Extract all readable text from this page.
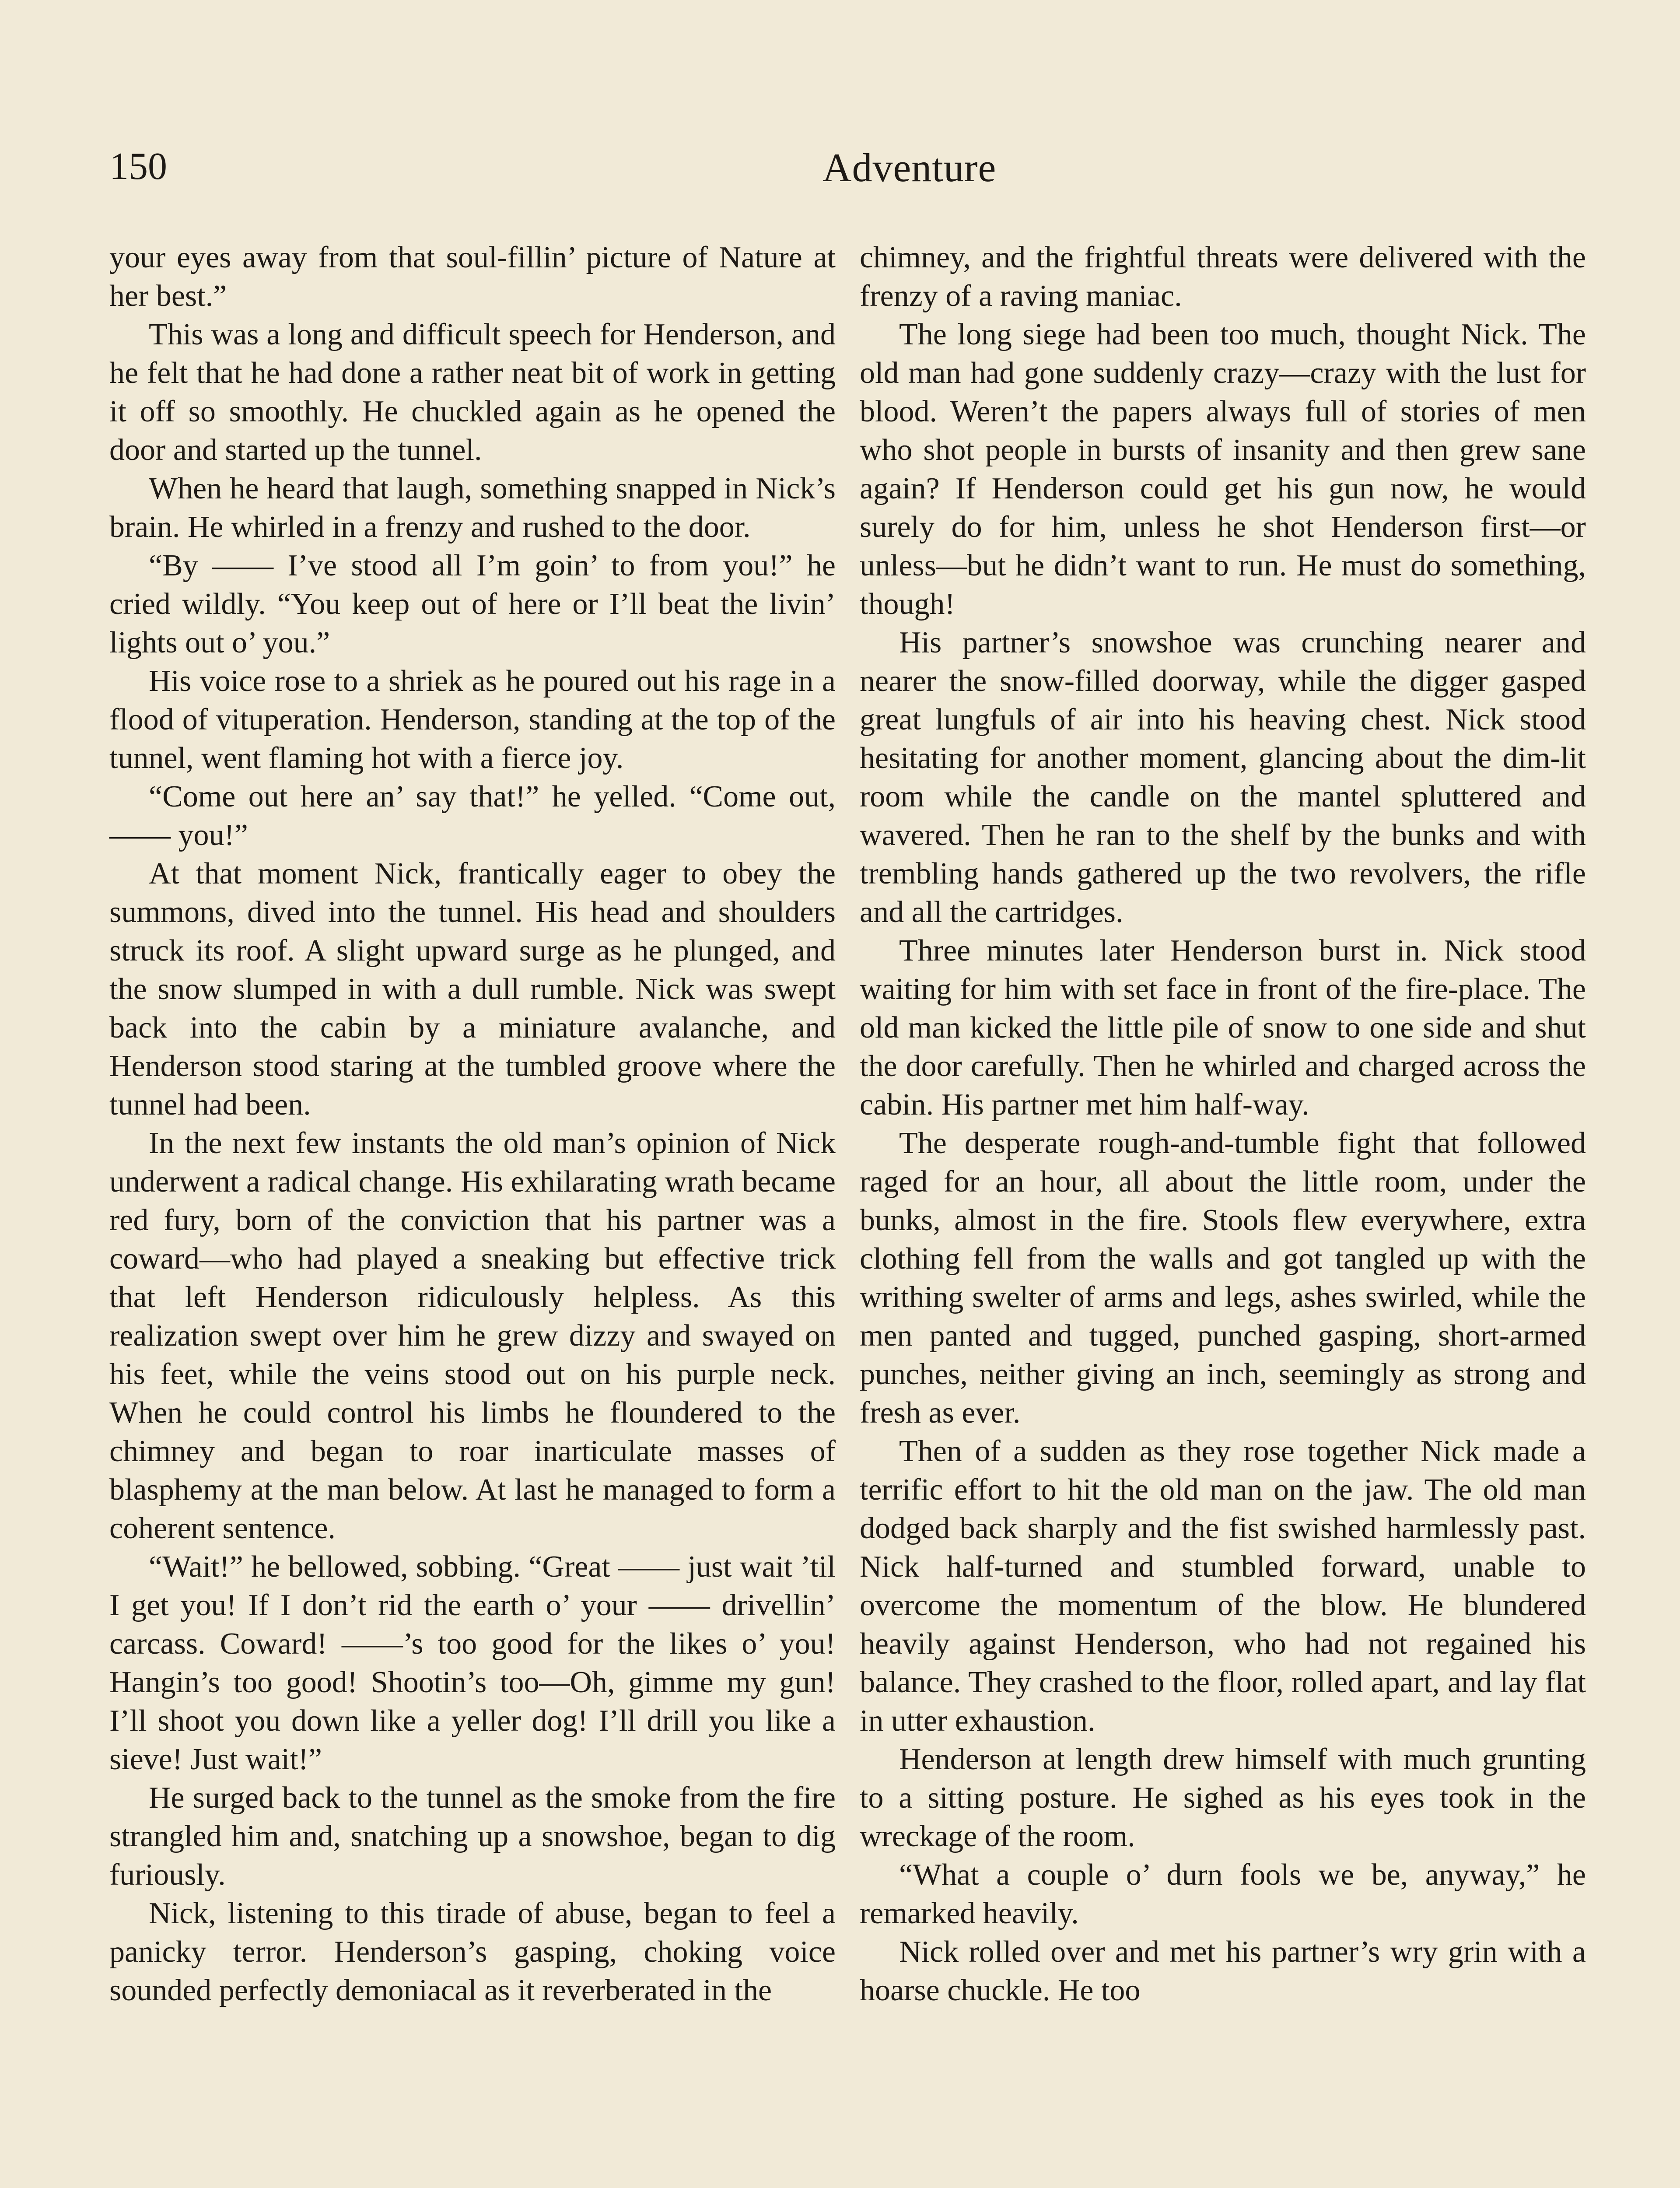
150	Adventure

your eyes away from that soul-fillin’ picture of Nature at her best.”

This was a long and difficult speech for Henderson, and he felt that he had done a rather neat bit of work in getting it off so smoothly. He chuckled again as he opened the door and started up the tunnel.

When he heard that laugh, something snapped in Nick’s brain. He whirled in a frenzy and rushed to the door.

“By —— I’ve stood all I’m goin’ to from you!” he cried wildly. “You keep out of here or I’ll beat the livin’ lights out o’ you.”

His voice rose to a shriek as he poured out his rage in a flood of vituperation. Henderson, standing at the top of the tunnel, went flaming hot with a fierce joy.

“Come out here an’ say that!” he yelled. “Come out, —— you!”

At that moment Nick, frantically eager to obey the summons, dived into the tunnel. His head and shoulders struck its roof. A slight upward surge as he plunged, and the snow slumped in with a dull rumble. Nick was swept back into the cabin by a miniature avalanche, and Henderson stood staring at the tumbled groove where the tunnel had been.

In the next few instants the old man’s opinion of Nick underwent a radical change. His exhilarating wrath became red fury, born of the conviction that his partner was a coward—who had played a sneaking but effective trick that left Henderson ridiculously helpless. As this realization swept over him he grew dizzy and swayed on his feet, while the veins stood out on his purple neck. When he could control his limbs he floundered to the chimney and began to roar inarticulate masses of blasphemy at the man below. At last he managed to form a coherent sentence.

“Wait!” he bellowed, sobbing. “Great —— just wait ’til I get you! If I don’t rid the earth o’ your —— drivellin’ carcass. Coward! ——’s too good for the likes o’ you! Hangin’s too good! Shootin’s too—Oh, gimme my gun! I’ll shoot you down like a yeller dog! I’ll drill you like a sieve! Just wait!”

He surged back to the tunnel as the smoke from the fire strangled him and, snatching up a snowshoe, began to dig furiously.

Nick, listening to this tirade of abuse, began to feel a panicky terror. Henderson’s gasping, choking voice sounded perfectly demoniacal as it reverberated in the

chimney, and the frightful threats were delivered with the frenzy of a raving maniac.

The long siege had been too much, thought Nick. The old man had gone suddenly crazy—crazy with the lust for blood. Weren’t the papers always full of stories of men who shot people in bursts of insanity and then grew sane again? If Henderson could get his gun now, he would surely do for him, unless he shot Henderson first—or unless—but he didn’t want to run. He must do something, though!

His partner’s snowshoe was crunching nearer and nearer the snow-filled doorway, while the digger gasped great lungfuls of air into his heaving chest. Nick stood hesitating for another moment, glancing about the dim-lit room while the candle on the mantel spluttered and wavered. Then he ran to the shelf by the bunks and with trembling hands gathered up the two revolvers, the rifle and all the cartridges.

Three minutes later Henderson burst in. Nick stood waiting for him with set face in front of the fire-place. The old man kicked the little pile of snow to one side and shut the door carefully. Then he whirled and charged across the cabin. His partner met him half-way.

The desperate rough-and-tumble fight that followed raged for an hour, all about the little room, under the bunks, almost in the fire. Stools flew everywhere, extra clothing fell from the walls and got tangled up with the writhing swelter of arms and legs, ashes swirled, while the men panted and tugged, punched gasping, short-armed punches, neither giving an inch, seemingly as strong and fresh as ever.

Then of a sudden as they rose together Nick made a terrific effort to hit the old man on the jaw. The old man dodged back sharply and the fist swished harmlessly past. Nick half-turned and stumbled forward, unable to overcome the momentum of the blow. He blundered heavily against Henderson, who had not regained his balance. They crashed to the floor, rolled apart, and lay flat in utter exhaustion.

Henderson at length drew himself with much grunting to a sitting posture. He sighed as his eyes took in the wreckage of the room.

“What a couple o’ durn fools we be, anyway,” he remarked heavily.

Nick rolled over and met his partner’s wry grin with a hoarse chuckle. He too
